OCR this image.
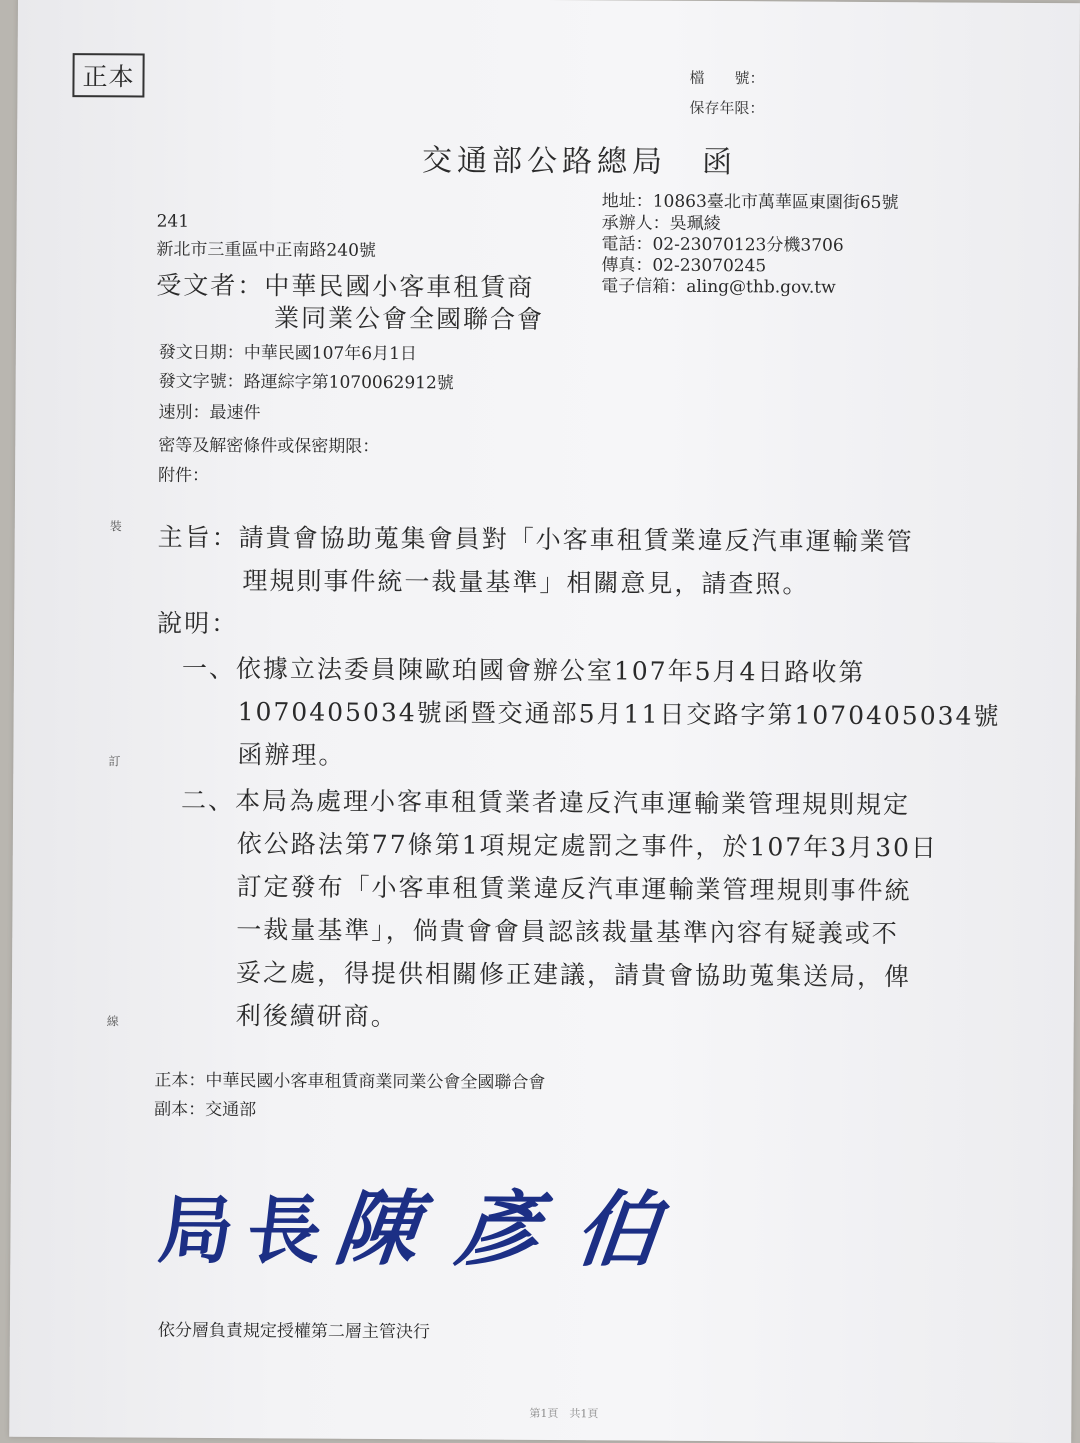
正本	檔　　號：
保存年限：
交通部公路總局　函
地址：10863臺北市萬華區東園街65號
承辦人：吳珮綾
電話：02-23070123分機3706
傳真：02-23070245
電子信箱：aling@thb.gov.tw
241
新北市三重區中正南路240號
受文者：中華民國小客車租賃商
業同業公會全國聯合會
發文日期：中華民國107年6月1日
發文字號：路運綜字第1070062912號
速別：最速件
密等及解密條件或保密期限：
附件：
裝
訂
線
主旨：請貴會協助蒐集會員對「小客車租賃業違反汽車運輸業管
理規則事件統一裁量基準」相關意見，請查照。
說明：
一、依據立法委員陳歐珀國會辦公室107年5月4日路收第
1070405034號函暨交通部5月11日交路字第1070405034號
函辦理。
二、本局為處理小客車租賃業者違反汽車運輸業管理規則規定
依公路法第77條第1項規定處罰之事件，於107年3月30日
訂定發布「小客車租賃業違反汽車運輸業管理規則事件統
一裁量基準」，倘貴會會員認該裁量基準內容有疑義或不
妥之處，得提供相關修正建議，請貴會協助蒐集送局，俾
利後續研商。
正本：中華民國小客車租賃商業同業公會全國聯合會
副本：交通部
局長陳彥伯
依分層負責規定授權第二層主管決行
第1頁　共1頁
